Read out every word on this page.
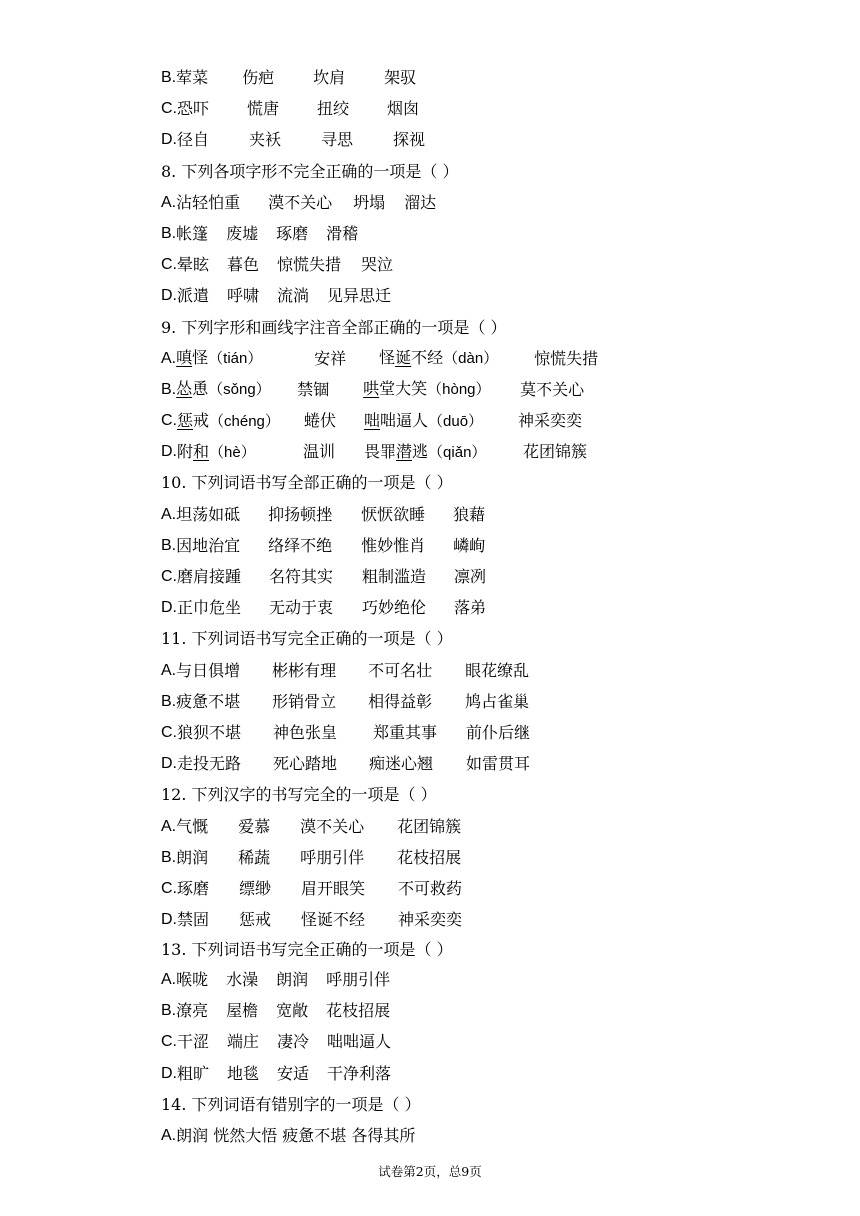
B. 荤菜	伤疤	坎肩	架驭
C. 恐吓	慌唐	扭绞	烟囱
D. 径自	夹袄	寻思	探视
8. 下列各项字形不完全正确的一项是（ ）
A. 沾轻怕重	漠不关心	坍塌	溜达
B. 帐篷	废墟	琢磨	滑稽
C. 晕眩	暮色	惊慌失措	哭泣
D. 派遣	呼啸	流淌	见异思迁
9. 下列字形和画线字注音全部正确的一项是（ ）
A. 嗔怪（tián）	安祥	怪诞不经（dàn）	惊慌失措
B. 怂恿（sǒng）	禁锢	哄堂大笑（hòng）	莫不关心
C. 惩戒（chéng）	蜷伏	咄咄逼人（duō）	神采奕奕
D. 附和（hè）	温训	畏罪潜逃（qiǎn）	花团锦簇
10. 下列词语书写全部正确的一项是（ ）
A. 坦荡如砥	抑扬顿挫	恹恹欲睡	狼藉
B. 因地治宜	络绎不绝	惟妙惟肖	嶙峋
C. 磨肩接踵	名符其实	粗制滥造	凛冽
D. 正巾危坐	无动于衷	巧妙绝伦	落弟
11. 下列词语书写完全正确的一项是（ ）
A. 与日俱增	彬彬有理	不可名壮	眼花缭乱
B. 疲惫不堪	形销骨立	相得益彰	鸠占雀巢
C. 狼狈不堪	神色张皇	郑重其事	前仆后继
D. 走投无路	死心踏地	痴迷心翘	如雷贯耳
12. 下列汉字的书写完全的一项是（ ）
A. 气慨	爱慕	漠不关心	花团锦簇
B. 朗润	稀蔬	呼朋引伴	花枝招展
C. 琢磨	缥缈	眉开眼笑	不可救药
D. 禁固	惩戒	怪诞不经	神采奕奕
13. 下列词语书写完全正确的一项是（ ）
A. 喉咙	水澡	朗润	呼朋引伴
B. 潦亮	屋檐	宽敞	花枝招展
C. 干涩	端庄	凄冷	咄咄逼人
D. 粗旷	地毯	安适	干净利落
14. 下列词语有错别字的一项是（ ）
A. 朗润 恍然大悟 疲惫不堪 各得其所
试卷第2页，总9页
